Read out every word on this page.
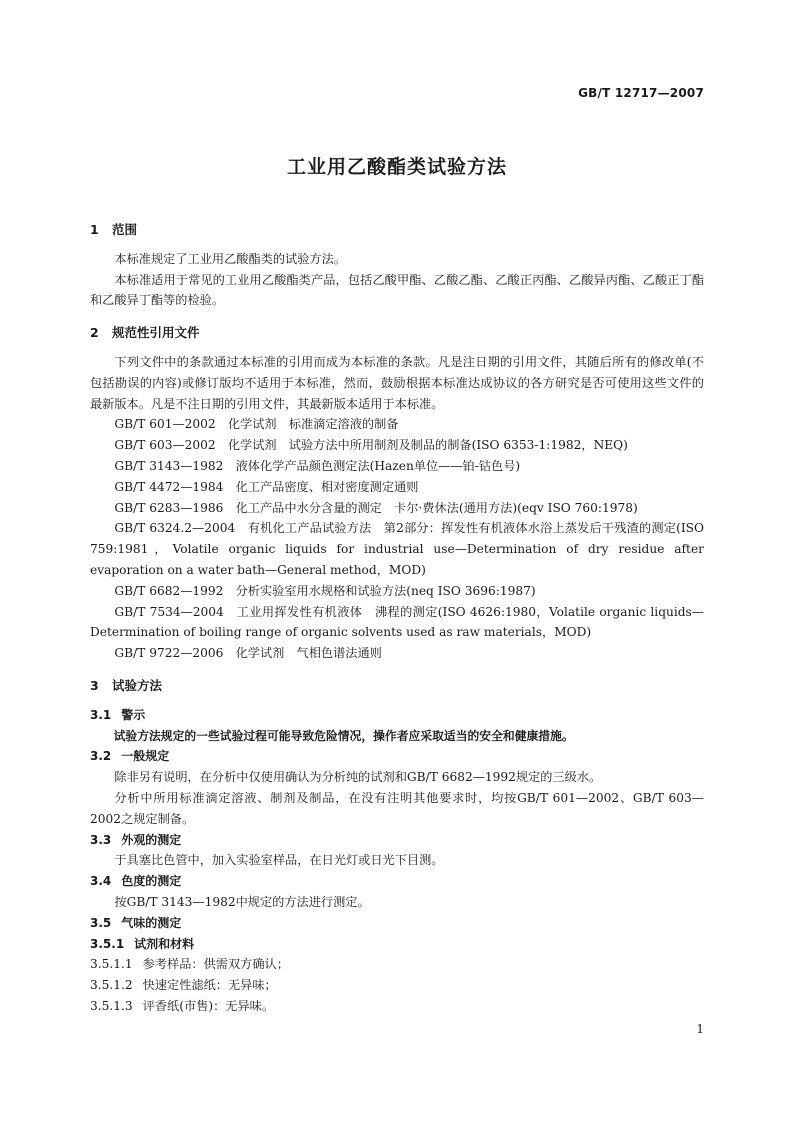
GB/T 12717—2007
工业用乙酸酯类试验方法
1 范围

本标准规定了工业用乙酸酯类的试验方法。

本标准适用于常见的工业用乙酸酯类产品，包括乙酸甲酯、乙酸乙酯、乙酸正丙酯、乙酸异丙酯、乙酸正丁酯和乙酸异丁酯等的检验。

2 规范性引用文件

下列文件中的条款通过本标准的引用而成为本标准的条款。凡是注日期的引用文件，其随后所有的修改单(不包括勘误的内容)或修订版均不适用于本标准，然而，鼓励根据本标准达成协议的各方研究是否可使用这些文件的最新版本。凡是不注日期的引用文件，其最新版本适用于本标准。

GB/T 601—2002　化学试剂　标准滴定溶液的制备

GB/T 603—2002　化学试剂　试验方法中所用制剂及制品的制备(ISO 6353-1:1982，NEQ)

GB/T 3143—1982　液体化学产品颜色测定法(Hazen单位——铂-钴色号)

GB/T 4472—1984　化工产品密度、相对密度测定通则

GB/T 6283—1986　化工产品中水分含量的测定　卡尔·费休法(通用方法)(eqv ISO 760:1978)

GB/T 6324.2—2004　有机化工产品试验方法　第2部分：挥发性有机液体水浴上蒸发后干残渣的测定(ISO 759:1981，Volatile organic liquids for industrial use—Determination of dry residue after evaporation on a water bath—General method，MOD)

GB/T 6682—1992　分析实验室用水规格和试验方法(neq ISO 3696:1987)

GB/T 7534—2004　工业用挥发性有机液体　沸程的测定(ISO 4626:1980，Volatile organic liquids—Determination of boiling range of organic solvents used as raw materials，MOD)

GB/T 9722—2006　化学试剂　气相色谱法通则

3 试验方法
3.1 警示

试验方法规定的一些试验过程可能导致危险情况，操作者应采取适当的安全和健康措施。

3.2 一般规定

除非另有说明，在分析中仅使用确认为分析纯的试剂和GB/T 6682—1992规定的三级水。

分析中所用标准滴定溶液、制剂及制品，在没有注明其他要求时，均按GB/T 601—2002、GB/T 603—2002之规定制备。

3.3 外观的测定

于具塞比色管中，加入实验室样品，在日光灯或日光下目测。

3.4 色度的测定

按GB/T 3143—1982中规定的方法进行测定。

3.5 气味的测定
3.5.1 试剂和材料

3.5.1.1 参考样品：供需双方确认；

3.5.1.2 快速定性滤纸：无异味；

3.5.1.3 评香纸(市售)：无异味。

1
